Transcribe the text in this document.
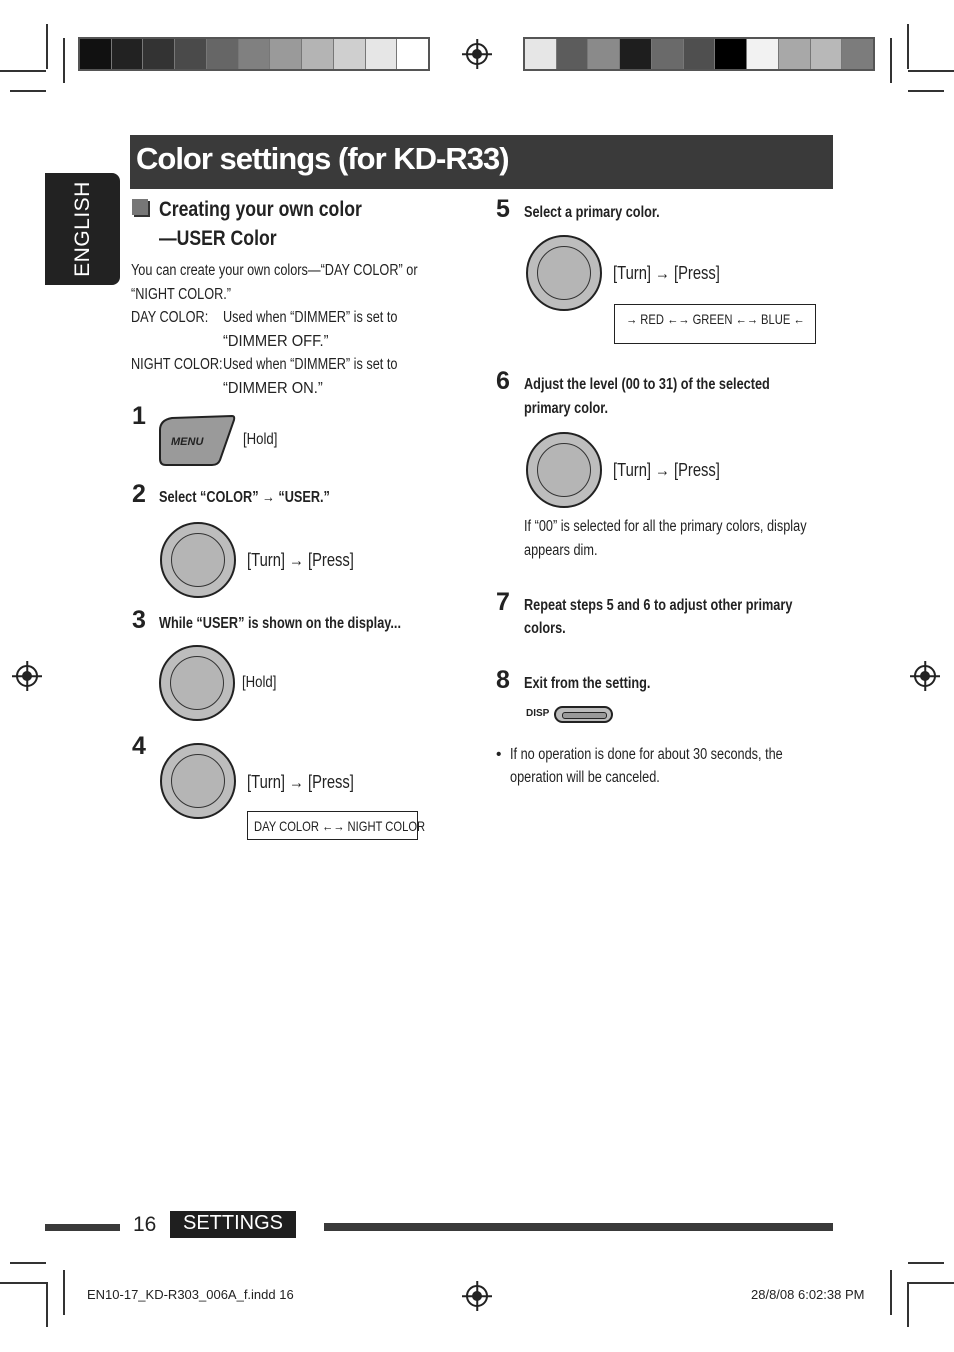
Color settings (for KD-R33)
ENGLISH	Creating your own color
—USER Color
You can create your own colors—“DAY COLOR” or
“NIGHT COLOR.”
DAY COLOR: Used when “DIMMER” is set to
“DIMMER OFF.”
NIGHT COLOR: Used when “DIMMER” is set to
“DIMMER ON.”
1
MENU	[Hold]
2 Select “COLOR” → “USER.”
[Turn] → [Press]
3 While “USER” is shown on the display...
[Hold]
4
[Turn] → [Press]
DAY COLOR ←→ NIGHT COLOR
5 Select a primary color.
[Turn] → [Press]
→ RED ←→ GREEN ←→ BLUE ←
6 Adjust the level (00 to 31) of the selected
primary color.
[Turn] → [Press]
If “00” is selected for all the primary colors, display
appears dim.
7 Repeat steps 5 and 6 to adjust other primary
colors.
8 Exit from the setting.
DISP
• If no operation is done for about 30 seconds, the
operation will be canceled.
16	SETTINGS
EN10-17_KD-R303_006A_f.indd 16	28/8/08 6:02:38 PM
